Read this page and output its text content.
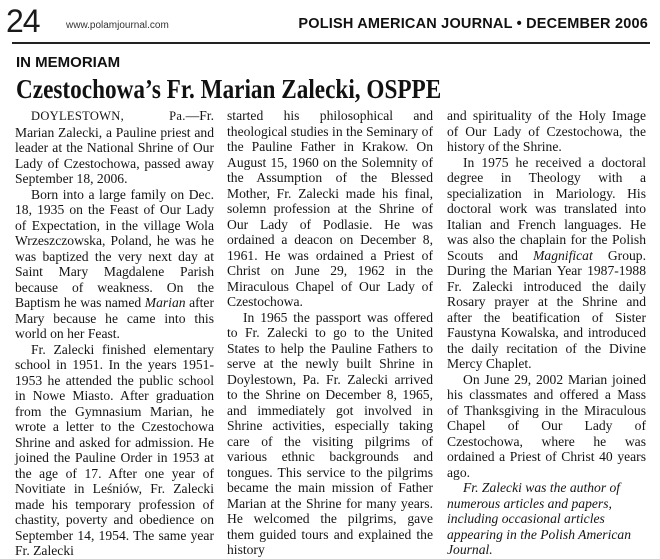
24	www.polamjournal.com	POLISH AMERICAN JOURNAL • DECEMBER 2006
IN MEMORIAM
Czestochowa’s Fr. Marian Zalecki, OSPPE

DOYLESTOWN, Pa.—Fr. Marian Zalecki, a Pauline priest and leader at the National Shrine of Our Lady of Czestochowa, passed away September 18, 2006.

Born into a large family on Dec. 18, 1935 on the Feast of Our Lady of Expectation, in the village Wola Wrzeszczowska, Poland, he was he was baptized the very next day at Saint Mary Magdalene Parish because of weakness. On the Baptism he was named Marian after Mary because he came into this world on her Feast.

Fr. Zalecki finished elementary school in 1951. In the years 1951-1953 he attended the public school in Nowe Miasto. After graduation from the Gymnasium Marian, he wrote a letter to the Czestochowa Shrine and asked for admission. He joined the Pauline Order in 1953 at the age of 17. After one year of Novitiate in Leśniów, Fr. Zalecki made his temporary profession of chastity, poverty and obedience on September 14, 1954. The same year Fr. Zalecki

started his philosophical and theological studies in the Seminary of the Pauline Father in Krakow. On August 15, 1960 on the Solemnity of the Assumption of the Blessed Mother, Fr. Zalecki made his final, solemn profession at the Shrine of Our Lady of Podlasie. He was ordained a deacon on December 8, 1961. He was ordained a Priest of Christ on June 29, 1962 in the Miraculous Chapel of Our Lady of Czestochowa.

In 1965 the passport was offered to Fr. Zalecki to go to the United States to help the Pauline Fathers to serve at the newly built Shrine in Doylestown, Pa. Fr. Zalecki arrived to the Shrine on December 8, 1965, and immediately got involved in Shrine activities, especially taking care of the visiting pilgrims of various ethnic backgrounds and tongues. This service to the pilgrims became the main mission of Father Marian at the Shrine for many years. He welcomed the pilgrims, gave them guided tours and explained the history

and spirituality of the Holy Image of Our Lady of Czestochowa, the history of the Shrine.

In 1975 he received a doctoral degree in Theology with a specialization in Mariology. His doctoral work was translated into Italian and French languages. He was also the chaplain for the Polish Scouts and Magnificat Group. During the Marian Year 1987-1988 Fr. Zalecki introduced the daily Rosary prayer at the Shrine and after the beatification of Sister Faustyna Kowalska, and introduced the daily recitation of the Divine Mercy Chaplet.

On June 29, 2002 Marian joined his classmates and offered a Mass of Thanksgiving in the Miraculous Chapel of Our Lady of Czestochowa, where he was ordained a Priest of Christ 40 years ago.

Fr. Zalecki was the author of numerous articles and papers, including occasional articles appearing in the Polish American Journal.
